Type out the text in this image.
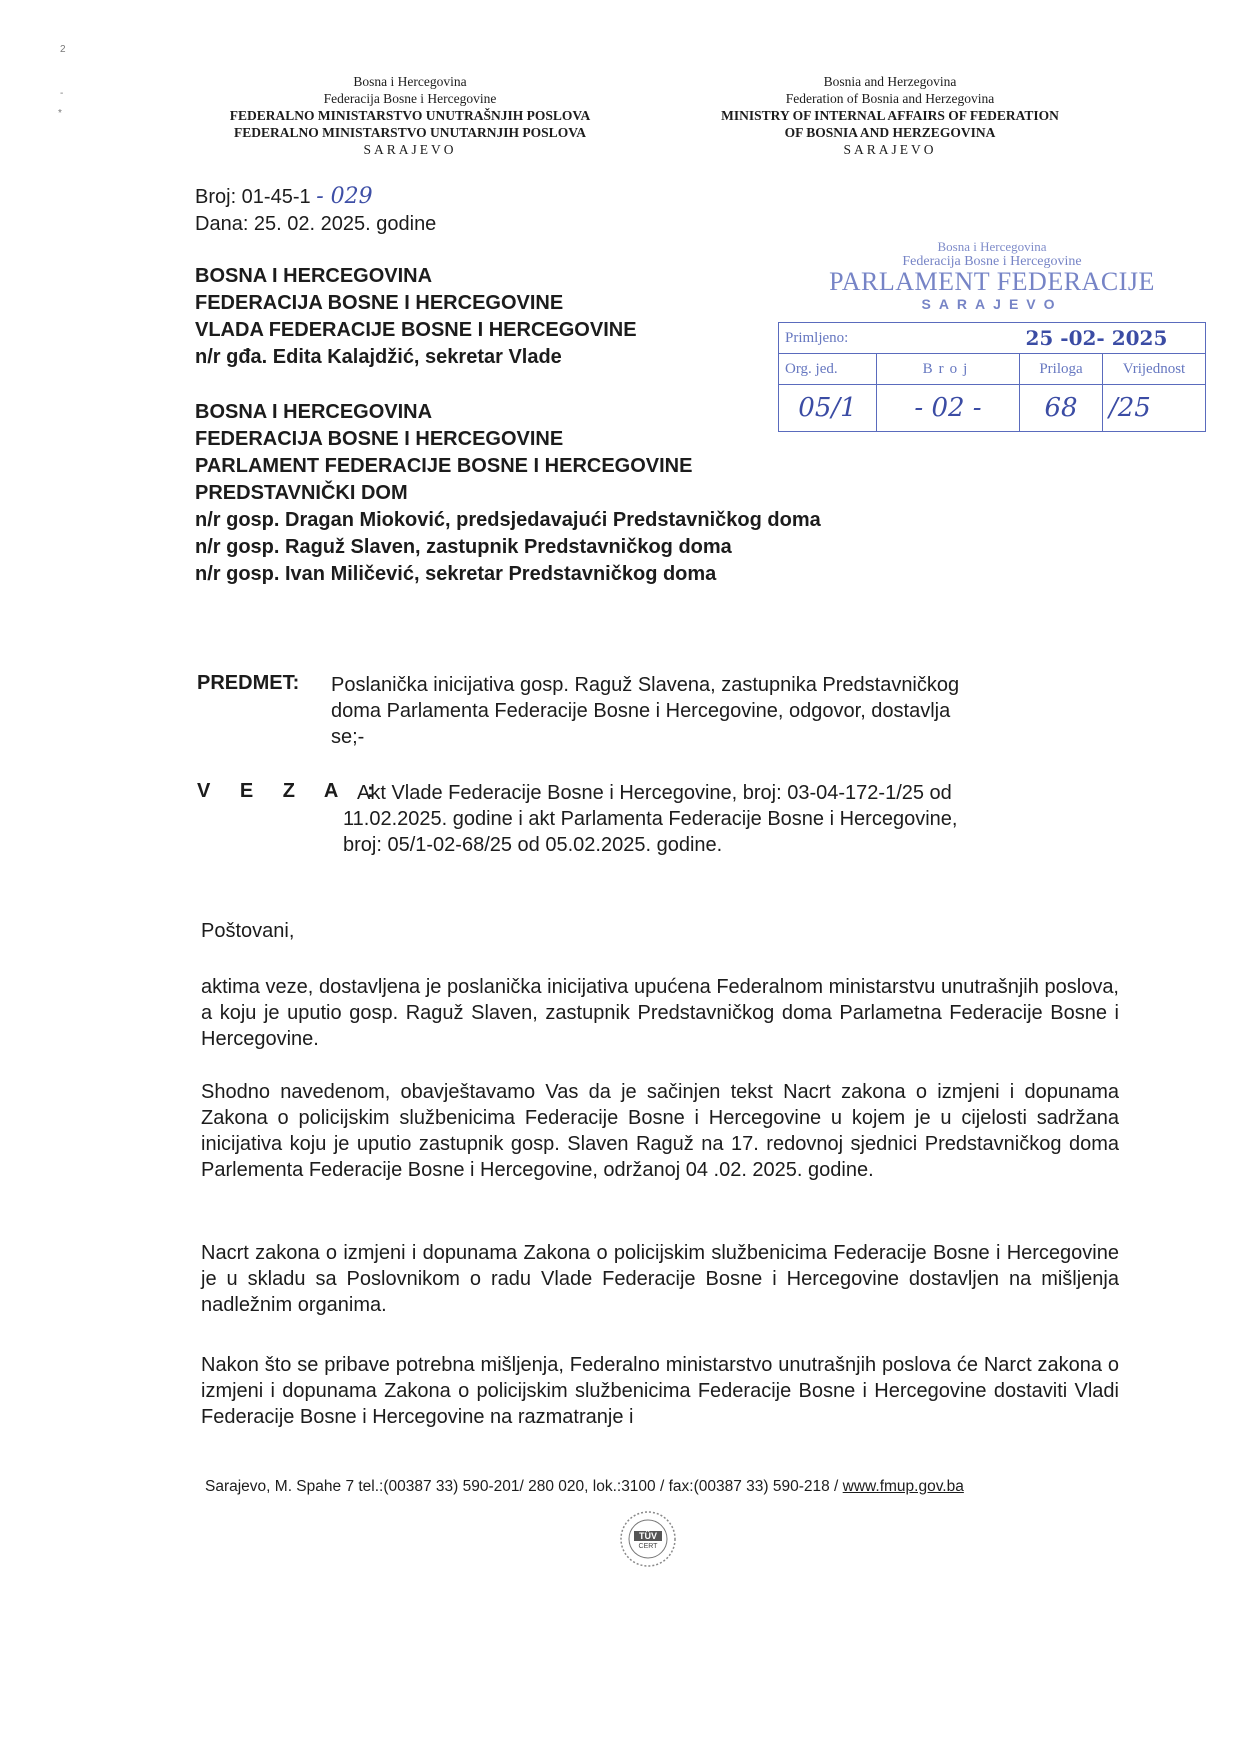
2
-
*
Bosna i Hercegovina
Federacija Bosne i Hercegovine
FEDERALNO MINISTARSTVO UNUTRAŠNJIH POSLOVA
FEDERALNO MINISTARSTVO UNUTARNJIH POSLOVA
SARAJEVO
Bosnia and Herzegovina
Federation of Bosnia and Herzegovina
MINISTRY OF INTERNAL AFFAIRS OF FEDERATION
OF BOSNIA AND HERZEGOVINA
SARAJEVO
Broj: 01-45-1 - 029
Dana: 25. 02. 2025. godine
Bosna i Hercegovina
Federacija Bosne i Hercegovine
PARLAMENT FEDERACIJE
SARAJEVO
Primljeno:		25 -02- 2025	
Org. jed.	Broj	Priloga	Vrijednost
05/1	- 02 -	68	/25
BOSNA I HERCEGOVINA
FEDERACIJA BOSNE I HERCEGOVINE
VLADA FEDERACIJE BOSNE I HERCEGOVINE
n/r gđa. Edita Kalajdžić, sekretar Vlade
BOSNA I HERCEGOVINA
FEDERACIJA BOSNE I HERCEGOVINE
PARLAMENT FEDERACIJE BOSNE I HERCEGOVINE
PREDSTAVNIČKI DOM
n/r gosp. Dragan Mioković, predsjedavajući Predstavničkog doma
n/r gosp. Raguž Slaven, zastupnik Predstavničkog doma
n/r gosp. Ivan Miličević, sekretar Predstavničkog doma
PREDMET: Poslanička inicijativa gosp. Raguž Slavena, zastupnika Predstavničkog
doma Parlamenta Federacije Bosne i Hercegovine, odgovor, dostavlja
se;-
V E Z A :
Akt Vlade Federacije Bosne i Hercegovine, broj: 03-04-172-1/25 od
11.02.2025. godine i akt Parlamenta Federacije Bosne i Hercegovine,
broj: 05/1-02-68/25 od 05.02.2025. godine.
Poštovani,
aktima veze, dostavljena je poslanička inicijativa upućena Federalnom ministarstvu unutrašnjih poslova, a koju je uputio gosp. Raguž Slaven, zastupnik Predstavničkog doma Parlametna Federacije Bosne i Hercegovine.
Shodno navedenom, obavještavamo Vas da je sačinjen tekst Nacrt zakona o izmjeni i dopunama Zakona o policijskim službenicima Federacije Bosne i Hercegovine u kojem je u cijelosti sadržana inicijativa koju je uputio zastupnik gosp. Slaven Raguž na 17. redovnoj sjednici Predstavničkog doma Parlementa Federacije Bosne i Hercegovine, održanoj 04 .02. 2025. godine.
Nacrt zakona o izmjeni i dopunama Zakona o policijskim službenicima Federacije Bosne i Hercegovine je u skladu sa Poslovnikom o radu Vlade Federacije Bosne i Hercegovine dostavljen na mišljenja nadležnim organima.
Nakon što se pribave potrebna mišljenja, Federalno ministarstvo unutrašnjih poslova će Narct zakona o izmjeni i dopunama Zakona o policijskim službenicima Federacije Bosne i Hercegovine dostaviti Vladi Federacije Bosne i Hercegovine na razmatranje i
Sarajevo, M. Spahe 7 tel.:(00387 33) 590-201/ 280 020, lok.:3100 / fax:(00387 33) 590-218 / www.fmup.gov.ba
TÜV
CERT
